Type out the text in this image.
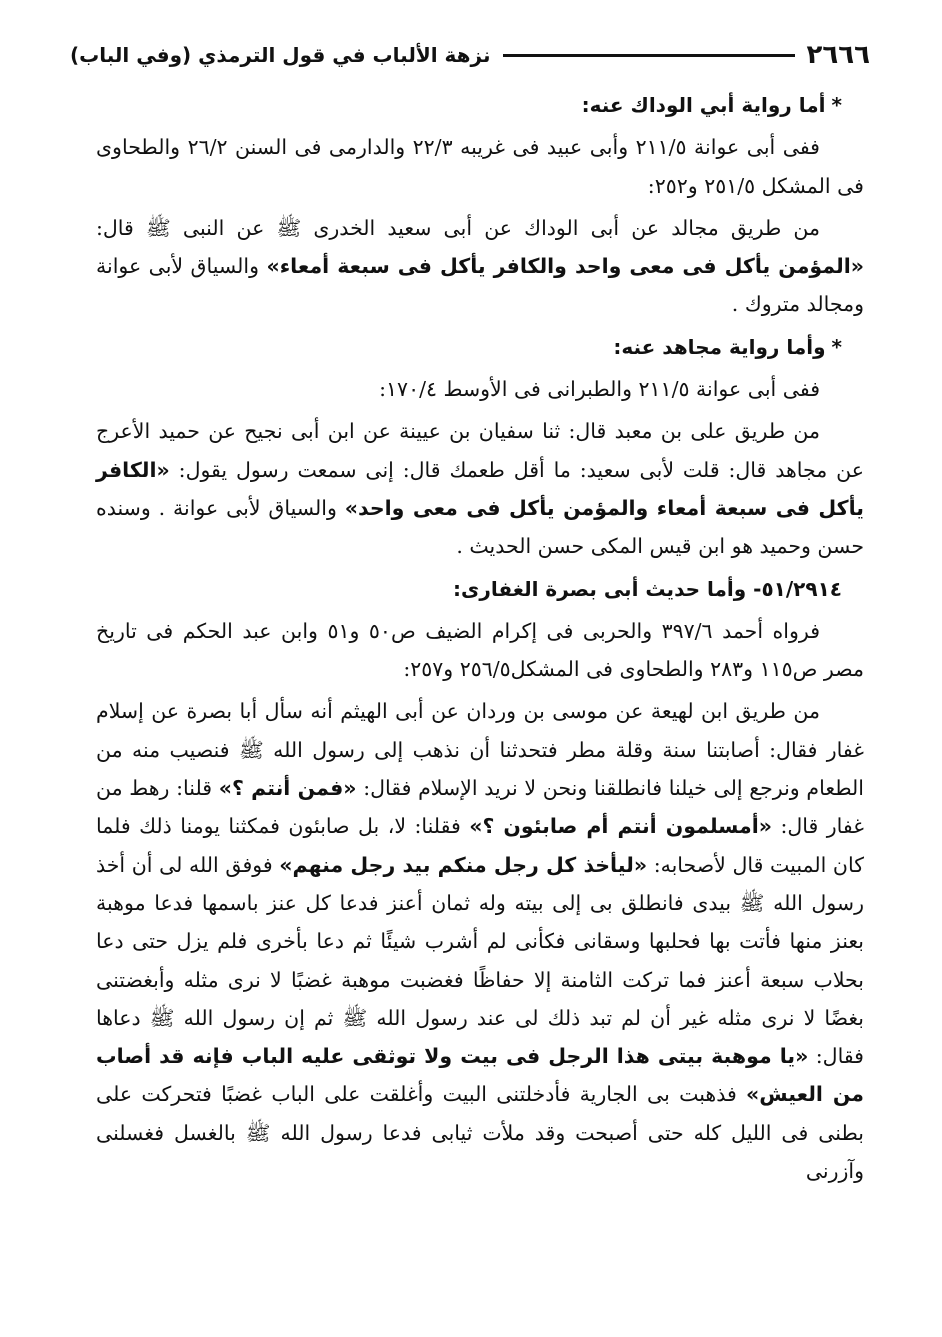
٢٦٦٦
نزهة الألباب في قول الترمذي (وفي الباب)

*أما رواية أبي الوداك عنه:

ففى أبى عوانة ٢١١/٥ وأبى عبيد فى غريبه ٢٢/٣ والدارمى فى السنن ٢٦/٢ والطحاوى فى المشكل ٢٥١/٥ و٢٥٢:

من طريق مجالد عن أبى الوداك عن أبى سعيد الخدرى ﷺ عن النبى ﷺ قال: «المؤمن يأكل فى معى واحد والكافر يأكل فى سبعة أمعاء» والسياق لأبى عوانة ومجالد متروك .

*وأما رواية مجاهد عنه:

ففى أبى عوانة ٢١١/٥ والطبرانى فى الأوسط ١٧٠/٤:

من طريق على بن معبد قال: ثنا سفيان بن عيينة عن ابن أبى نجيح عن حميد الأعرج عن مجاهد قال: قلت لأبى سعيد: ما أقل طعمك قال: إنى سمعت رسول يقول: «الكافر يأكل فى سبعة أمعاء والمؤمن يأكل فى معى واحد» والسياق لأبى عوانة . وسنده حسن وحميد هو ابن قيس المكى حسن الحديث .

٥١/٢٩١٤- وأما حديث أبى بصرة الغفارى:

فرواه أحمد ٣٩٧/٦ والحربى فى إكرام الضيف ص٥٠ و٥١ وابن عبد الحكم فى تاريخ مصر ص١١٥ و٢٨٣ والطحاوى فى المشكل٢٥٦/٥ و٢٥٧:

من طريق ابن لهيعة عن موسى بن وردان عن أبى الهيثم أنه سأل أبا بصرة عن إسلام غفار فقال: أصابتنا سنة وقلة مطر فتحدثنا أن نذهب إلى رسول الله ﷺ فنصيب منه من الطعام ونرجع إلى خيلنا فانطلقنا ونحن لا نريد الإسلام فقال: «فمن أنتم ؟» قلنا: رهط من غفار قال: «أمسلمون أنتم أم صابئون ؟» فقلنا: لا، بل صابئون فمكثنا يومنا ذلك فلما كان المبيت قال لأصحابه: «ليأخذ كل رجل منكم بيد رجل منهم» فوفق الله لى أن أخذ رسول الله ﷺ بيدى فانطلق بى إلى بيته وله ثمان أعنز فدعا كل عنز باسمها فدعا موهبة بعنز منها فأتت بها فحلبها وسقانى فكأنى لم أشرب شيئًا ثم دعا بأخرى فلم يزل حتى دعا بحلاب سبعة أعنز فما تركت الثامنة إلا حفاظًا فغضبت موهبة غضبًا لا نرى مثله وأبغضتنى بغضًا لا نرى مثله غير أن لم تبد ذلك لى عند رسول الله ﷺ ثم إن رسول الله ﷺ دعاها فقال: «يا موهبة بيتى هذا الرجل فى بيت ولا توثقى عليه الباب فإنه قد أصاب من العيش» فذهبت بى الجارية فأدخلتنى البيت وأغلقت على الباب غضبًا فتحركت على بطنى فى الليل كله حتى أصبحت وقد ملأت ثيابى فدعا رسول الله ﷺ بالغسل فغسلنى وآزرنى
